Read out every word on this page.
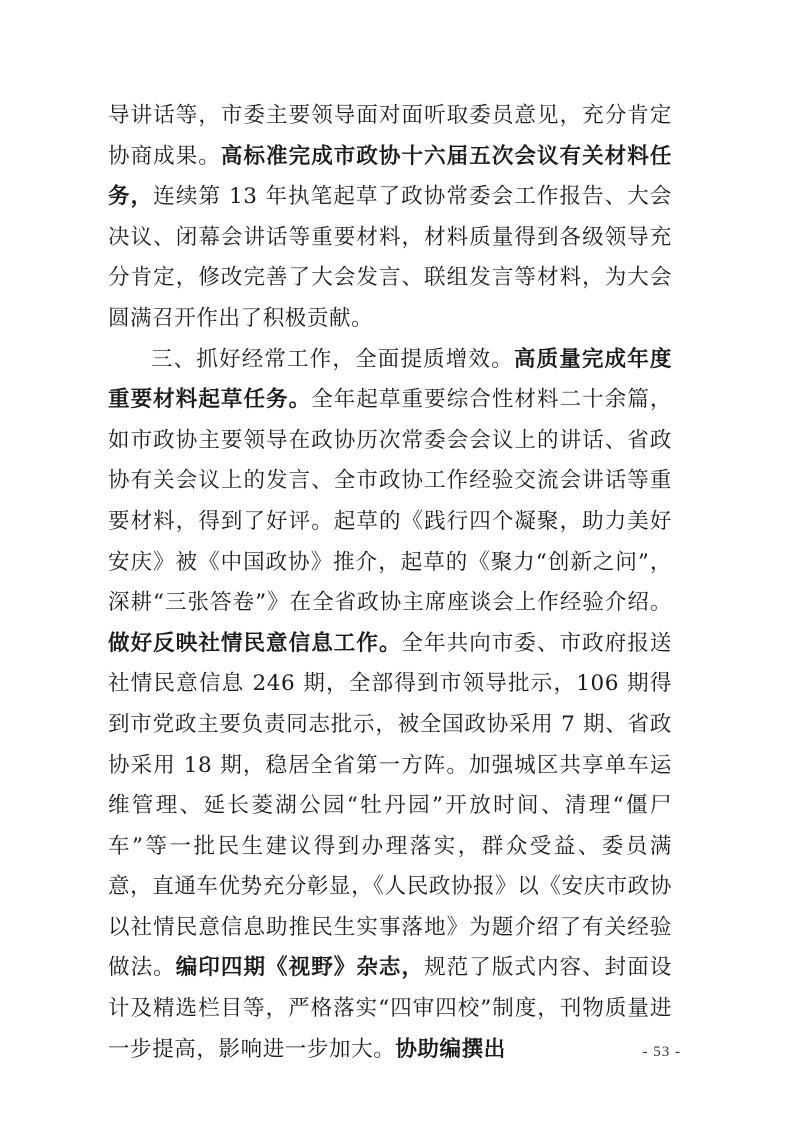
导讲话等，市委主要领导面对面听取委员意见，充分肯定协商成果。高标准完成市政协十六届五次会议有关材料任务，连续第 13 年执笔起草了政协常委会工作报告、大会决议、闭幕会讲话等重要材料，材料质量得到各级领导充分肯定，修改完善了大会发言、联组发言等材料，为大会圆满召开作出了积极贡献。

三、抓好经常工作，全面提质增效。高质量完成年度重要材料起草任务。全年起草重要综合性材料二十余篇，如市政协主要领导在政协历次常委会会议上的讲话、省政协有关会议上的发言、全市政协工作经验交流会讲话等重要材料，得到了好评。起草的《践行四个凝聚，助力美好安庆》被《中国政协》推介，起草的《聚力“创新之问”，深耕“三张答卷”》在全省政协主席座谈会上作经验介绍。做好反映社情民意信息工作。全年共向市委、市政府报送社情民意信息 246 期，全部得到市领导批示，106 期得到市党政主要负责同志批示，被全国政协采用 7 期、省政协采用 18 期，稳居全省第一方阵。加强城区共享单车运维管理、延长菱湖公园“牡丹园”开放时间、清理“僵尸车”等一批民生建议得到办理落实，群众受益、委员满意，直通车优势充分彰显，《人民政协报》以《安庆市政协以社情民意信息助推民生实事落地》为题介绍了有关经验做法。编印四期《视野》杂志，规范了版式内容、封面设计及精选栏目等，严格落实“四审四校”制度，刊物质量进一步提高，影响进一步加大。协助编撰出	- 53 -
